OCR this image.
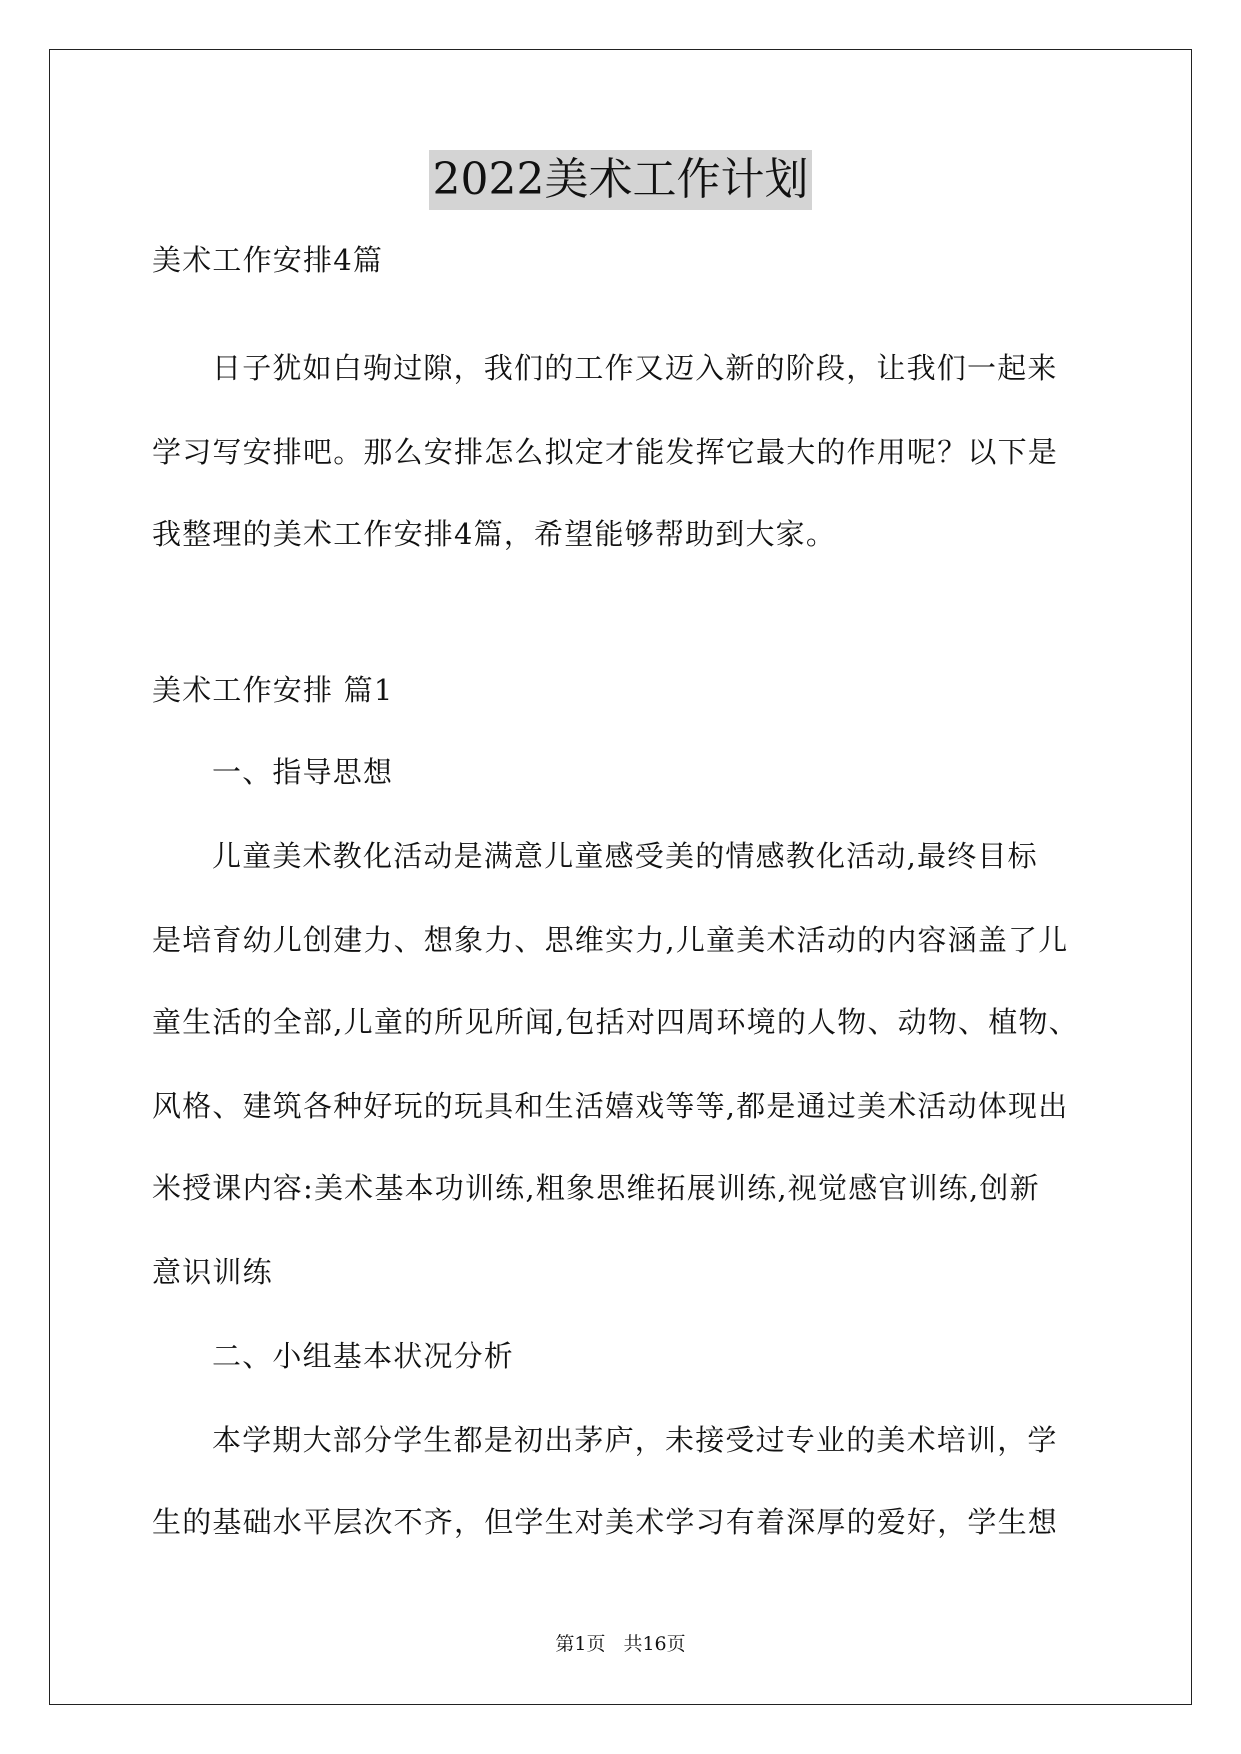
2022美术工作计划
美术工作安排4篇
日子犹如白驹过隙，我们的工作又迈入新的阶段，让我们一起来
学习写安排吧。那么安排怎么拟定才能发挥它最大的作用呢？以下是
我整理的美术工作安排4篇，希望能够帮助到大家。
美术工作安排 篇1
一、指导思想
儿童美术教化活动是满意儿童感受美的情感教化活动,最终目标
是培育幼儿创建力、想象力、思维实力,儿童美术活动的内容涵盖了儿
童生活的全部,儿童的所见所闻,包括对四周环境的人物、动物、植物、
风格、建筑各种好玩的玩具和生活嬉戏等等,都是通过美术活动体现出
米授课内容:美术基本功训练,粗象思维拓展训练,视觉感官训练,创新
意识训练
二、小组基本状况分析
本学期大部分学生都是初出茅庐，未接受过专业的美术培训，学
生的基础水平层次不齐，但学生对美术学习有着深厚的爱好，学生想
第1页 共16页
